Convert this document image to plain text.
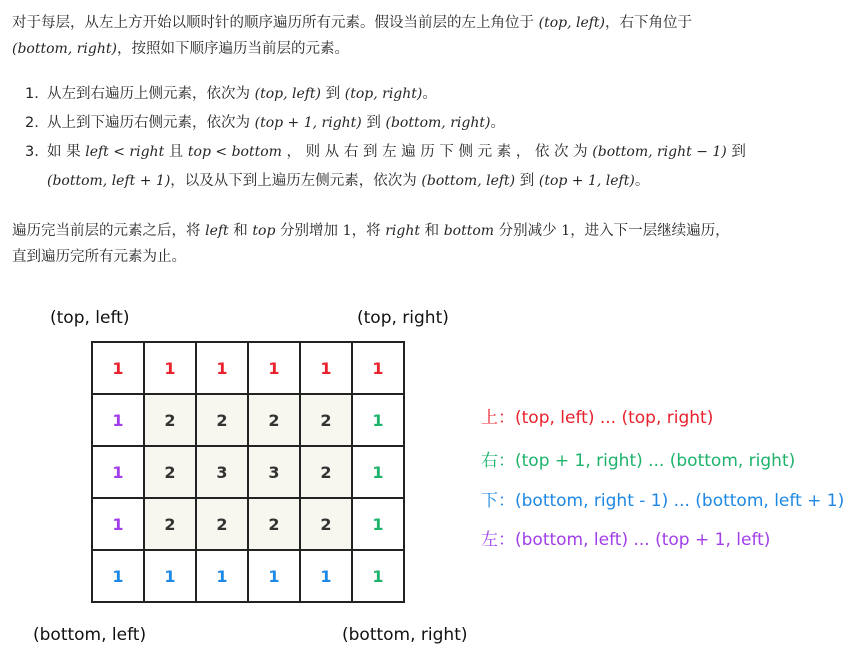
对于每层，从左上方开始以顺时针的顺序遍历所有元素。假设当前层的左上角位于 (top, left)，右下角位于
(bottom, right)，按照如下顺序遍历当前层的元素。

1. 从左到右遍历上侧元素，依次为 (top, left) 到 (top, right)。
2. 从上到下遍历右侧元素，依次为 (top + 1, right) 到 (bottom, right)。
3. 如 果 left < right 且 top < bottom ， 则 从 右 到 左 遍 历 下 侧 元 素 ， 依 次 为 (bottom, right − 1) 到
(bottom, left + 1)，以及从下到上遍历左侧元素，依次为 (bottom, left) 到 (top + 1, left)。

遍历完当前层的元素之后，将 left 和 top 分别增加 1，将 right 和 bottom 分别减少 1，进入下一层继续遍历，
直到遍历完所有元素为止。

(top, left)	(top, right)
(bottom, left)	(bottom, right)
1	1	1	1	1	1
1	2	2	2	2	1
1	2	3	3	2	1
1	2	2	2	2	1
1	1	1	1	1	1
上：(top, left) ... (top, right)
右：(top + 1, right) ... (bottom, right)
下：(bottom, right - 1) ... (bottom, left + 1)
左：(bottom, left) ... (top + 1, left)
